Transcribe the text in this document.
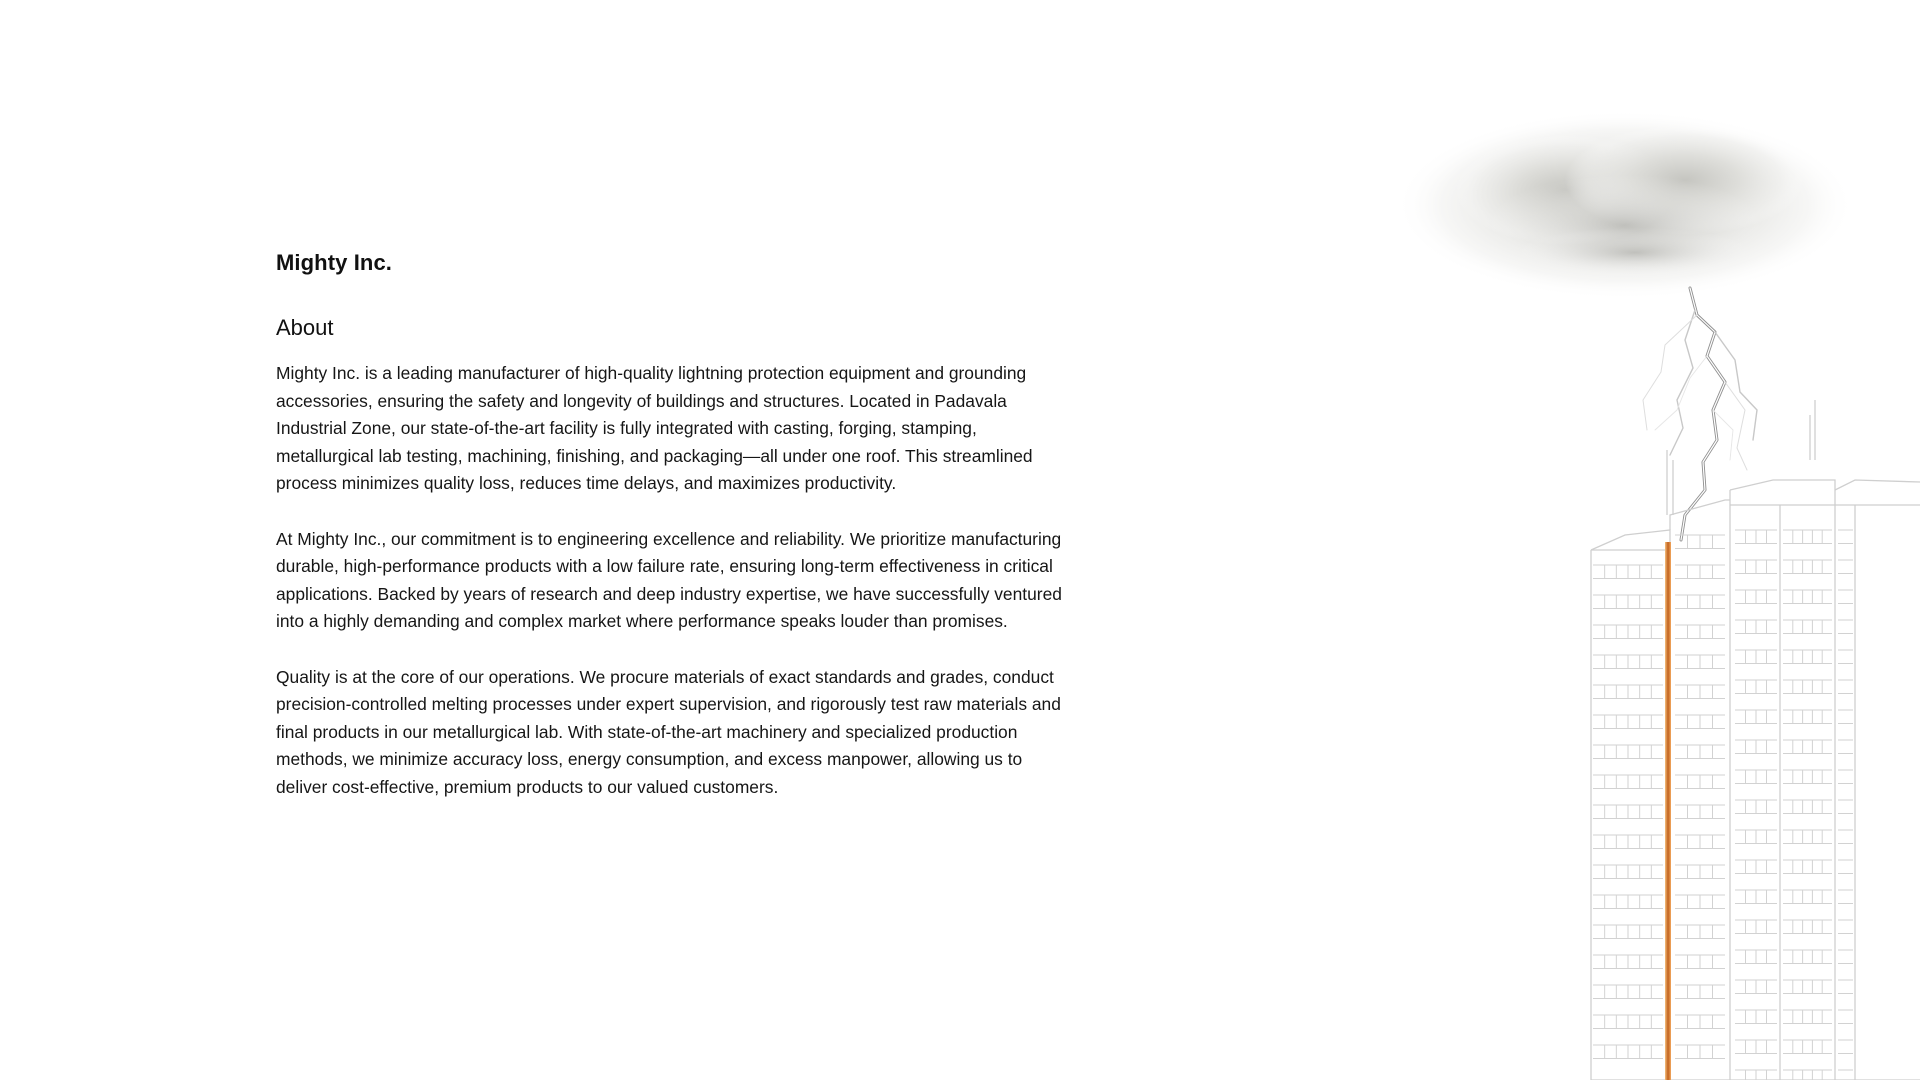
Mighty Inc.
About

Mighty Inc. is a leading manufacturer of high-quality lightning protection equipment and grounding accessories, ensuring the safety and longevity of buildings and structures. Located in Padavala Industrial Zone, our state-of-the-art facility is fully integrated with casting, forging, stamping, metallurgical lab testing, machining, finishing, and packaging—all under one roof. This streamlined process minimizes quality loss, reduces time delays, and maximizes productivity.

At Mighty Inc., our commitment is to engineering excellence and reliability. We prioritize manufacturing durable, high-performance products with a low failure rate, ensuring long-term effectiveness in critical applications. Backed by years of research and deep industry expertise, we have successfully ventured into a highly demanding and complex market where performance speaks louder than promises.

Quality is at the core of our operations. We procure materials of exact standards and grades, conduct precision-controlled melting processes under expert supervision, and rigorously test raw materials and final products in our metallurgical lab. With state-of-the-art machinery and specialized production methods, we minimize accuracy loss, energy consumption, and excess manpower, allowing us to deliver cost-effective, premium products to our valued customers.
